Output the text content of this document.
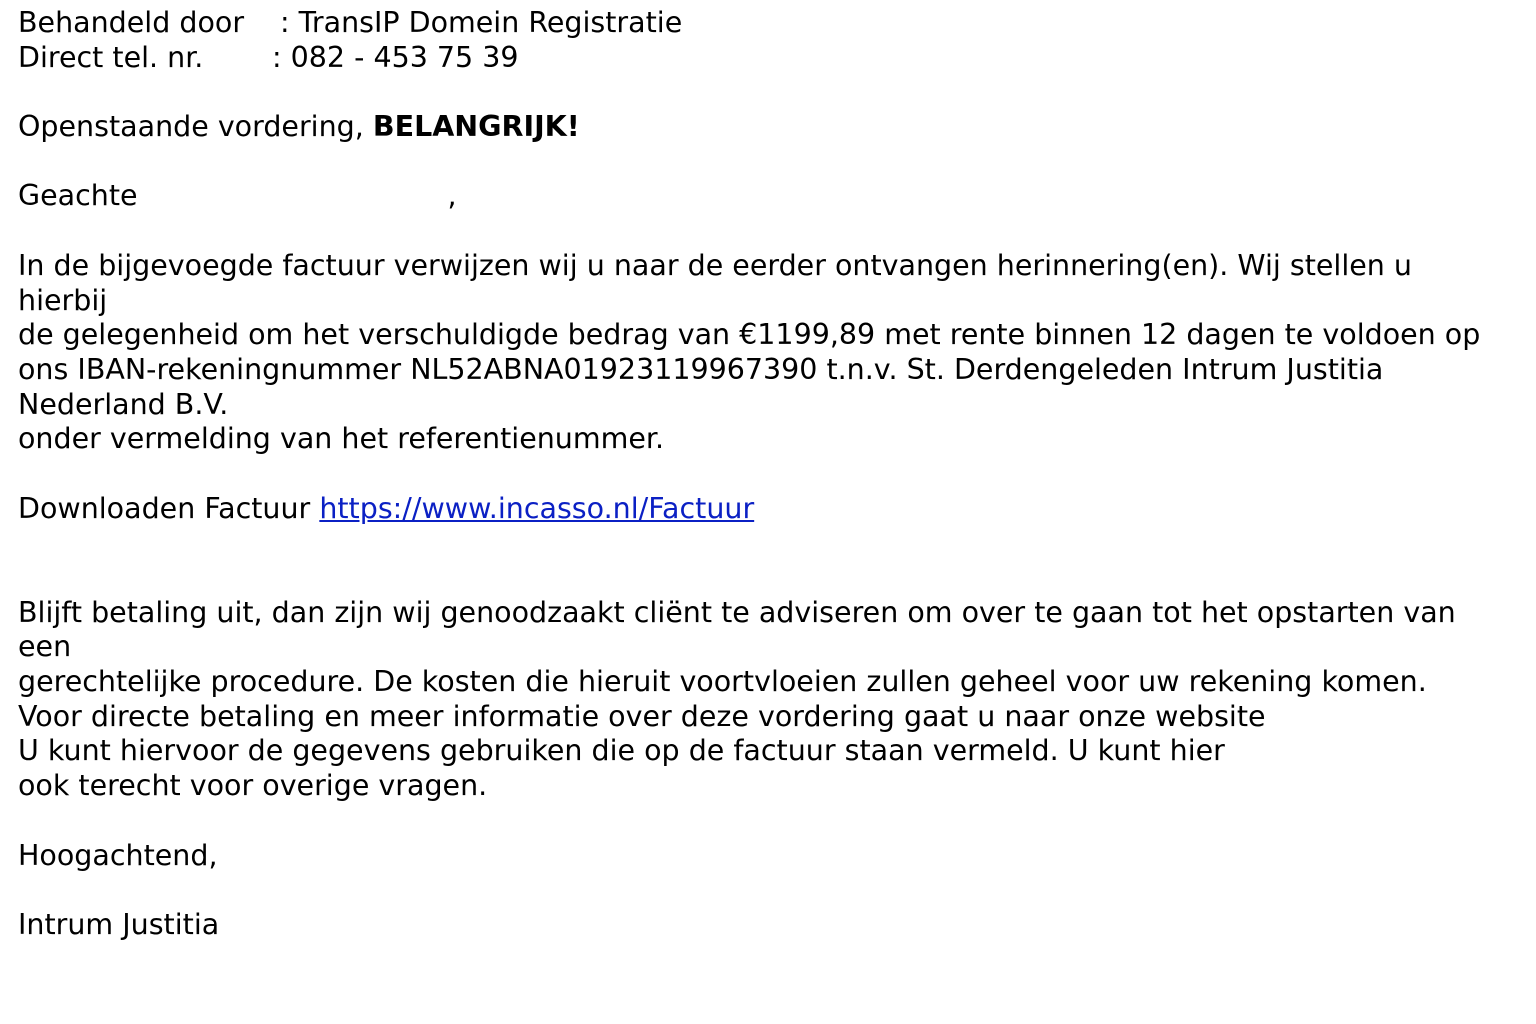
Behandeld door : TransIP Domein Registratie
Direct tel. nr. : 082 - 453 75 39
Openstaande vordering, BELANGRIJK!
Geachte	,
In de bijgevoegde factuur verwijzen wij u naar de eerder ontvangen herinnering(en). Wij stellen u
hierbij
de gelegenheid om het verschuldigde bedrag van €1199,89 met rente binnen 12 dagen te voldoen op
ons IBAN-rekeningnummer NL52ABNA01923119967390 t.n.v. St. Derdengeleden Intrum Justitia
Nederland B.V.
onder vermelding van het referentienummer.
Downloaden Factuur https://www.incasso.nl/Factuur
Blijft betaling uit, dan zijn wij genoodzaakt cliënt te adviseren om over te gaan tot het opstarten van
een
gerechtelijke procedure. De kosten die hieruit voortvloeien zullen geheel voor uw rekening komen.
Voor directe betaling en meer informatie over deze vordering gaat u naar onze website
U kunt hiervoor de gegevens gebruiken die op de factuur staan vermeld. U kunt hier
ook terecht voor overige vragen.
Hoogachtend,
Intrum Justitia
